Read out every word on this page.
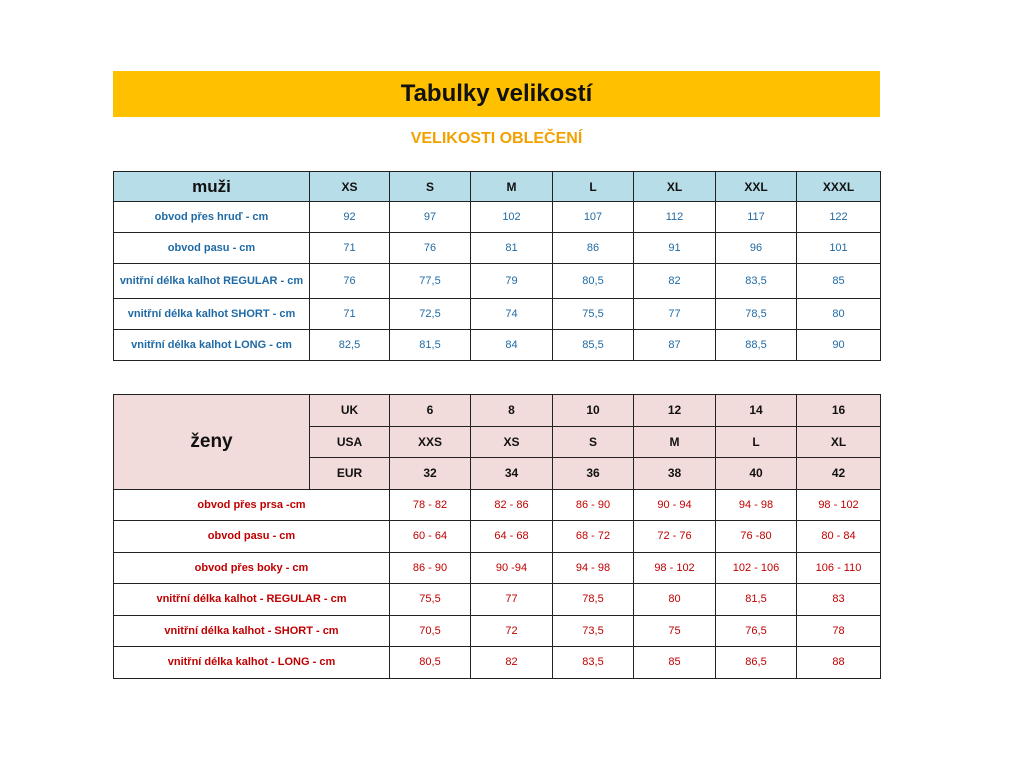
Tabulky velikostí
VELIKOSTI OBLEČENÍ
muži	XS	S	M	L	XL	XXL	XXXL
obvod přes hruď - cm	92	97	102	107	112	117	122
obvod pasu - cm	71	76	81	86	91	96	101
vnitřní délka kalhot REGULAR - cm	76	77,5	79	80,5	82	83,5	85
vnitřní délka kalhot SHORT - cm	71	72,5	74	75,5	77	78,5	80
vnitřní délka kalhot LONG - cm	82,5	81,5	84	85,5	87	88,5	90
ženy	UK	6	8	10	12	14	16
	USA	XXS	XS	S	M	L	XL
	EUR	32	34	36	38	40	42
obvod přes prsa -cm		78 - 82	82 - 86	86 - 90	90 - 94	94 - 98	98 - 102
obvod pasu - cm		60 - 64	64 - 68	68 - 72	72 - 76	76 -80	80 - 84
obvod přes boky - cm		86 - 90	90 -94	94 - 98	98 - 102	102 - 106	106 - 110
vnitřní délka kalhot - REGULAR - cm		75,5	77	78,5	80	81,5	83
vnitřní délka kalhot - SHORT - cm		70,5	72	73,5	75	76,5	78
vnitřní délka kalhot - LONG - cm		80,5	82	83,5	85	86,5	88
